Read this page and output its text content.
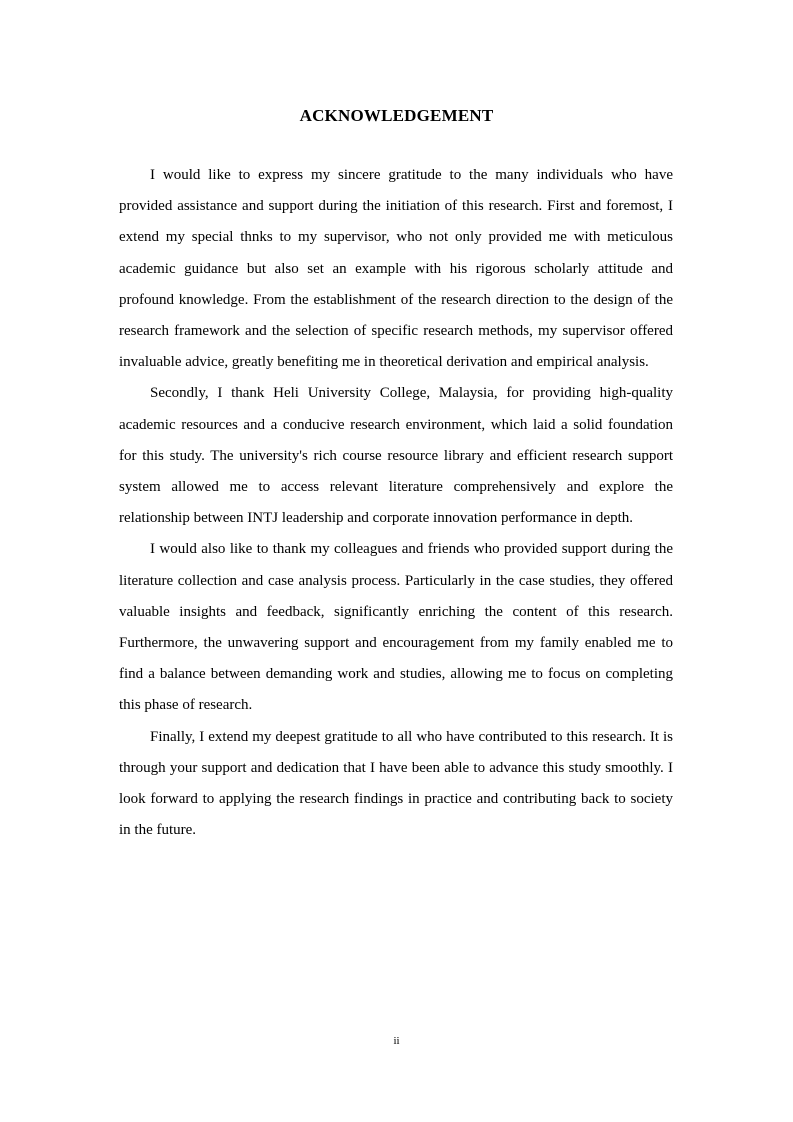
ACKNOWLEDGEMENT

I would like to express my sincere gratitude to the many individuals who have provided assistance and support during the initiation of this research. First and foremost, I extend my special thnks to my supervisor, who not only provided me with meticulous academic guidance but also set an example with his rigorous scholarly attitude and profound knowledge. From the establishment of the research direction to the design of the research framework and the selection of specific research methods, my supervisor offered invaluable advice, greatly benefiting me in theoretical derivation and empirical analysis.

Secondly, I thank Heli University College, Malaysia, for providing high-quality academic resources and a conducive research environment, which laid a solid foundation for this study. The university's rich course resource library and efficient research support system allowed me to access relevant literature comprehensively and explore the relationship between INTJ leadership and corporate innovation performance in depth.

I would also like to thank my colleagues and friends who provided support during the literature collection and case analysis process. Particularly in the case studies, they offered valuable insights and feedback, significantly enriching the content of this research. Furthermore, the unwavering support and encouragement from my family enabled me to find a balance between demanding work and studies, allowing me to focus on completing this phase of research.

Finally, I extend my deepest gratitude to all who have contributed to this research. It is through your support and dedication that I have been able to advance this study smoothly. I look forward to applying the research findings in practice and contributing back to society in the future.

ii
